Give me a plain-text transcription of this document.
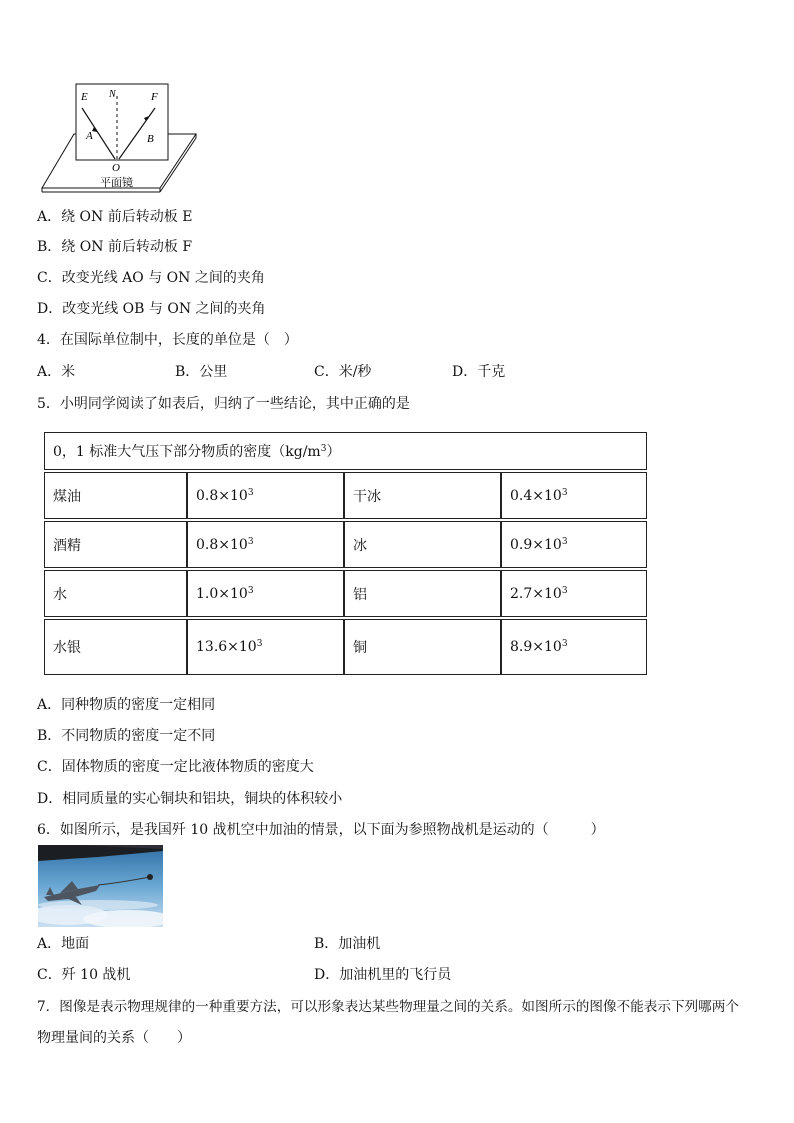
E N	F
A	B
O
平面镜
A．绕 ON 前后转动板 E
B．绕 ON 前后转动板 F
C．改变光线 AO 与 ON 之间的夹角
D．改变光线 OB 与 ON 之间的夹角
4．在国际单位制中，长度的单位是（　）
A．米	B．公里	C．米/秒	D．千克
5．小明同学阅读了如表后，归纳了一些结论，其中正确的是
0，1 标准大气压下部分物质的密度$(kg/m^3)$			
煤油	$0.8\times 10^3$	干冰	$0.4\times 10^3$
酒精	$0.8\times 10^3$	冰	$0.9\times 10^3$
水	$1.0\times 10^3$	铝	$2.7\times 10^3$
水银	$13.6\times 10^3$	铜	$8.9\times 10^3$
A．同种物质的密度一定相同
B．不同物质的密度一定不同
C．固体物质的密度一定比液体物质的密度大
D．相同质量的实心铜块和铝块，铜块的体积较小
6．如图所示，是我国歼 10 战机空中加油的情景，以下面为参照物战机是运动的（　　　）
A．地面	B．加油机
C．歼 10 战机	D．加油机里的飞行员
7．图像是表示物理规律的一种重要方法，可以形象表达某些物理量之间的关系。如图所示的图像不能表示下列哪两个
物理量间的关系（　　）
